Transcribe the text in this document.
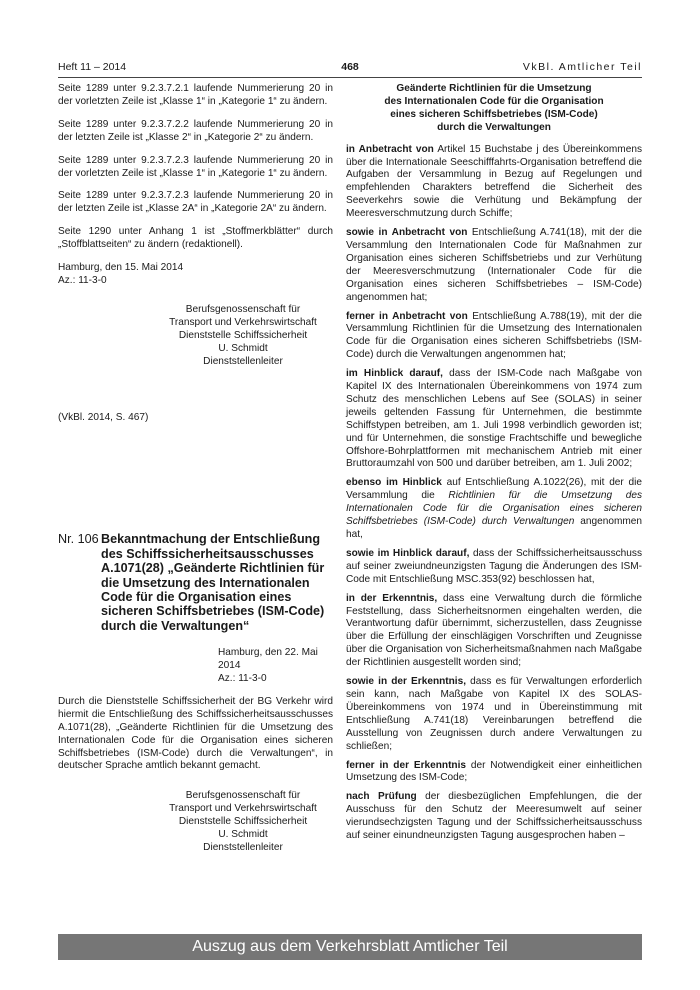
Heft 11 – 2014	468	VkBl. Amtlicher Teil

Seite 1289 unter 9.2.3.7.2.1 laufende Nummerierung 20 in der vorletzten Zeile ist „Klasse 1“ in „Kategorie 1“ zu ändern.

Seite 1289 unter 9.2.3.7.2.2 laufende Nummerierung 20 in der letzten Zeile ist „Klasse 2“ in „Kategorie 2“ zu ändern.

Seite 1289 unter 9.2.3.7.2.3 laufende Nummerierung 20 in der vorletzten Zeile ist „Klasse 1“ in „Kategorie 1“ zu ändern.

Seite 1289 unter 9.2.3.7.2.3 laufende Nummerierung 20 in der letzten Zeile ist „Klasse 2A“ in „Kategorie 2A“ zu ändern.

Seite 1290 unter Anhang 1 ist „Stoffmerkblätter“ durch „Stoffblattseiten“ zu ändern (redaktionell).

Hamburg, den 15. Mai 2014
Az.: 11-3-0

Berufsgenossenschaft für
Transport und Verkehrswirtschaft
Dienststelle Schiffssicherheit
U. Schmidt
Dienststellenleiter

(VkBl. 2014, S. 467)

Nr. 106 Bekanntmachung der Entschließung des Schiffssicherheitsausschusses A.1071(28) „Geänderte Richtlinien für die Umsetzung des Internationalen Code für die Organisation eines sicheren Schiffsbetriebes (ISM-Code) durch die Verwaltungen“

Hamburg, den 22. Mai 2014
Az.: 11-3-0

Durch die Dienststelle Schiffssicherheit der BG Verkehr wird hiermit die Entschließung des Schiffssicherheitsausschusses A.1071(28), „Geänderte Richtlinien für die Umsetzung des Internationalen Code für die Organisation eines sicheren Schiffsbetriebes (ISM-Code) durch die Verwaltungen“, in deutscher Sprache amtlich bekannt gemacht.

Berufsgenossenschaft für
Transport und Verkehrswirtschaft
Dienststelle Schiffssicherheit
U. Schmidt
Dienststellenleiter
Geänderte Richtlinien für die Umsetzung
des Internationalen Code für die Organisation
eines sicheren Schiffsbetriebes (ISM-Code)
durch die Verwaltungen

in Anbetracht von Artikel 15 Buchstabe j des Übereinkommens über die Internationale Seeschifffahrts-Organisation betreffend die Aufgaben der Versammlung in Bezug auf Regelungen und empfehlenden Charakters betreffend die Sicherheit des Seeverkehrs sowie die Verhütung und Bekämpfung der Meeresverschmutzung durch Schiffe;

sowie in Anbetracht von Entschließung A.741(18), mit der die Versammlung den Internationalen Code für Maßnahmen zur Organisation eines sicheren Schiffsbetriebs und zur Verhütung der Meeresverschmutzung (Internationaler Code für die Organisation eines sicheren Schiffsbetriebes – ISM-Code) angenommen hat;

ferner in Anbetracht von Entschließung A.788(19), mit der die Versammlung Richtlinien für die Umsetzung des Internationalen Code für die Organisation eines sicheren Schiffsbetriebs (ISM-Code) durch die Verwaltungen angenommen hat;

im Hinblick darauf, dass der ISM-Code nach Maßgabe von Kapitel IX des Internationalen Übereinkommens von 1974 zum Schutz des menschlichen Lebens auf See (SOLAS) in seiner jeweils geltenden Fassung für Unternehmen, die bestimmte Schiffstypen betreiben, am 1. Juli 1998 verbindlich geworden ist; und für Unternehmen, die sonstige Frachtschiffe und bewegliche Offshore-Bohrplattformen mit mechanischem Antrieb mit einer Bruttoraumzahl von 500 und darüber betreiben, am 1. Juli 2002;

ebenso im Hinblick auf Entschließung A.1022(26), mit der die Versammlung die Richtlinien für die Umsetzung des Internationalen Code für die Organisation eines sicheren Schiffsbetriebes (ISM-Code) durch Verwaltungen angenommen hat,

sowie im Hinblick darauf, dass der Schiffssicherheitsausschuss auf seiner zweiundneunzigsten Tagung die Änderungen des ISM-Code mit Entschließung MSC.353(92) beschlossen hat,

in der Erkenntnis, dass eine Verwaltung durch die förmliche Feststellung, dass Sicherheitsnormen eingehalten werden, die Verantwortung dafür übernimmt, sicherzustellen, dass Zeugnisse über die Erfüllung der einschlägigen Vorschriften und Zeugnisse über die Organisation von Sicherheitsmaßnahmen nach Maßgabe der Richtlinien ausgestellt worden sind;

sowie in der Erkenntnis, dass es für Verwaltungen erforderlich sein kann, nach Maßgabe von Kapitel IX des SOLAS-Übereinkommens von 1974 und in Übereinstimmung mit Entschließung A.741(18) Vereinbarungen betreffend die Ausstellung von Zeugnissen durch andere Verwaltungen zu schließen;

ferner in der Erkenntnis der Notwendigkeit einer einheitlichen Umsetzung des ISM-Code;

nach Prüfung der diesbezüglichen Empfehlungen, die der Ausschuss für den Schutz der Meeresumwelt auf seiner vierundsechzigsten Tagung und der Schiffssicherheitsausschuss auf seiner einundneunzigsten Tagung ausgesprochen haben –

Auszug aus dem Verkehrsblatt Amtlicher Teil
